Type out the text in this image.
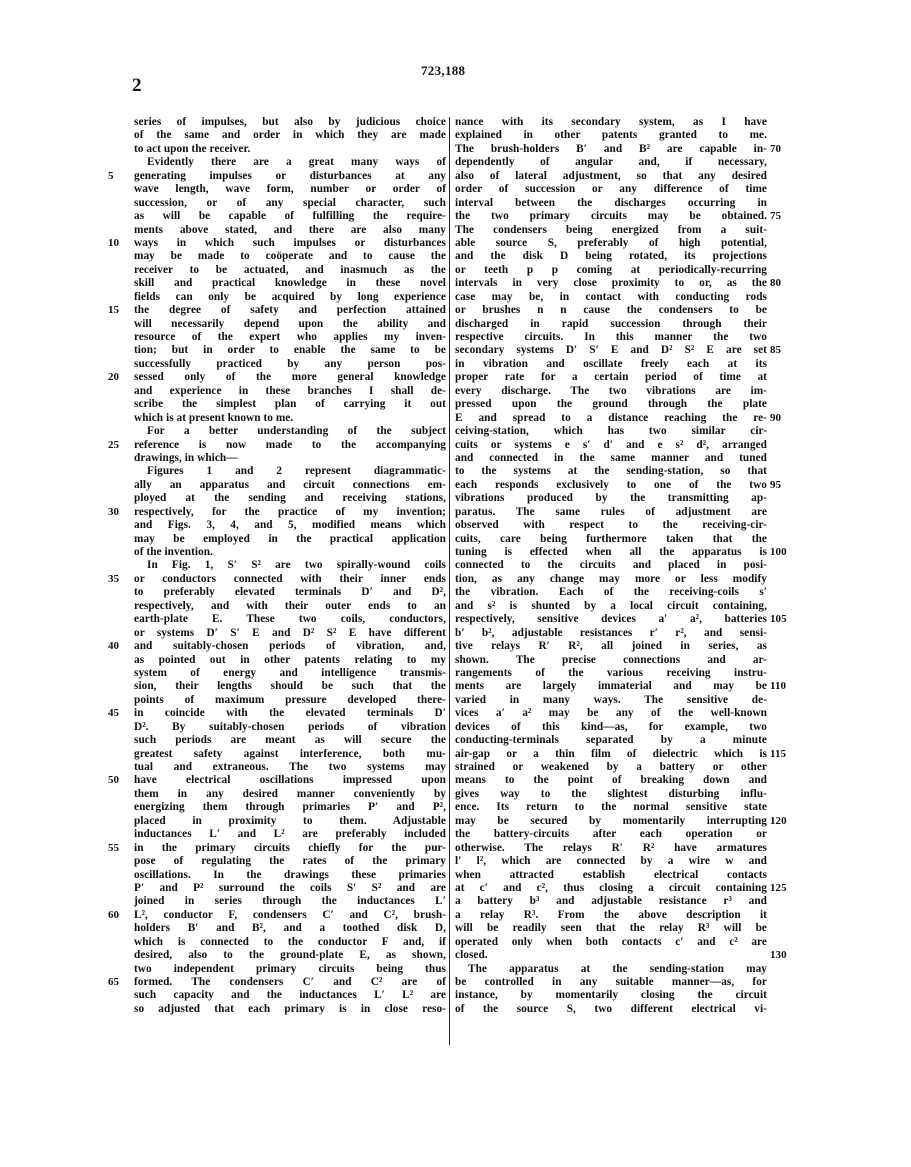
2
723,188
series of impulses, but also by judicious choice
of the same and order in which they are made
to act upon the receiver.
Evidently there are a great many ways of
generating impulses or disturbances at any
5
wave length, wave form, number or order of
succession, or of any special character, such
as will be capable of fulfilling the require-
ments above stated, and there are also many
ways in which such impulses or disturbances
10
may be made to coöperate and to cause the
receiver to be actuated, and inasmuch as the
skill and practical knowledge in these novel
fields can only be acquired by long experience
the degree of safety and perfection attained
15
will necessarily depend upon the ability and
resource of the expert who applies my inven-
tion; but in order to enable the same to be
successfully practiced by any person pos-
sessed only of the more general knowledge
20
and experience in these branches I shall de-
scribe the simplest plan of carrying it out
which is at present known to me.
For a better understanding of the subject
reference is now made to the accompanying
25
drawings, in which—
Figures 1 and 2 represent diagrammatic-
ally an apparatus and circuit connections em-
ployed at the sending and receiving stations,
respectively, for the practice of my invention;
30
and Figs. 3, 4, and 5, modified means which
may be employed in the practical application
of the invention.
In Fig. 1, S′ S² are two spirally-wound coils
or conductors connected with their inner ends
35
to preferably elevated terminals D′ and D²,
respectively, and with their outer ends to an
earth-plate E. These two coils, conductors,
or systems D′ S′ E and D² S² E have different
and suitably-chosen periods of vibration, and,
40
as pointed out in other patents relating to my
system of energy and intelligence transmis-
sion, their lengths should be such that the
points of maximum pressure developed there-
in coincide with the elevated terminals D′
45
D². By suitably-chosen periods of vibration
such periods are meant as will secure the
greatest safety against interference, both mu-
tual and extraneous. The two systems may
have electrical oscillations impressed upon
50
them in any desired manner conveniently by
energizing them through primaries P′ and P²,
placed in proximity to them. Adjustable
inductances L′ and L² are preferably included
in the primary circuits chiefly for the pur-
55
pose of regulating the rates of the primary
oscillations. In the drawings these primaries
P′ and P² surround the coils S′ S² and are
joined in series through the inductances L′
L², conductor F, condensers C′ and C², brush-
60
holders B′ and B², and a toothed disk D,
which is connected to the conductor F and, if
desired, also to the ground-plate E, as shown,
two independent primary circuits being thus
formed. The condensers C′ and C² are of
65
such capacity and the inductances L′ L² are
so adjusted that each primary is in close reso-
nance with its secondary system, as I have
explained in other patents granted to me.
The brush-holders B′ and B² are capable in- 70
dependently of angular and, if necessary,
also of lateral adjustment, so that any desired
order of succession or any difference of time
interval between the discharges occurring in
the two primary circuits may be obtained. 75
The condensers being energized from a suit-
able source S, preferably of high potential,
and the disk D being rotated, its projections
or teeth p p coming at periodically-recurring
intervals in very close proximity to or, as the 80
case may be, in contact with conducting rods
or brushes n n cause the condensers to be
discharged in rapid succession through their
respective circuits. In this manner the two
secondary systems D′ S′ E and D² S² E are set 85
in vibration and oscillate freely each at its
proper rate for a certain period of time at
every discharge. The two vibrations are im-
pressed upon the ground through the plate
E and spread to a distance reaching the re- 90
ceiving-station, which has two similar cir-
cuits or systems e s′ d′ and e s² d², arranged
and connected in the same manner and tuned
to the systems at the sending-station, so that
each responds exclusively to one of the two 95
vibrations produced by the transmitting ap-
paratus. The same rules of adjustment are
observed with respect to the receiving-cir-
cuits, care being furthermore taken that the
tuning is effected when all the apparatus is 100
connected to the circuits and placed in posi-
tion, as any change may more or less modify
the vibration. Each of the receiving-coils s′
and s² is shunted by a local circuit containing,
respectively, sensitive devices a′ a², batteries 105
b′ b², adjustable resistances r′ r², and sensi-
tive relays R′ R², all joined in series, as
shown. The precise connections and ar-
rangements of the various receiving instru-
ments are largely immaterial and may be 110
varied in many ways. The sensitive de-
vices a′ a² may be any of the well-known
devices of this kind—as, for example, two
conducting-terminals separated by a minute
air-gap or a thin film of dielectric which is 115
strained or weakened by a battery or other
means to the point of breaking down and
gives way to the slightest disturbing influ-
ence. Its return to the normal sensitive state
may be secured by momentarily interrupting 120
the battery-circuits after each operation or
otherwise. The relays R′ R² have armatures
l′ l², which are connected by a wire w and
when attracted establish electrical contacts
at c′ and c², thus closing a circuit containing 125
a battery b³ and adjustable resistance r³ and
a relay R³. From the above description it
will be readily seen that the relay R³ will be
operated only when both contacts c′ and c² are
closed.	130
The apparatus at the sending-station may
be controlled in any suitable manner—as, for
instance, by momentarily closing the circuit
of the source S, two different electrical vi-
